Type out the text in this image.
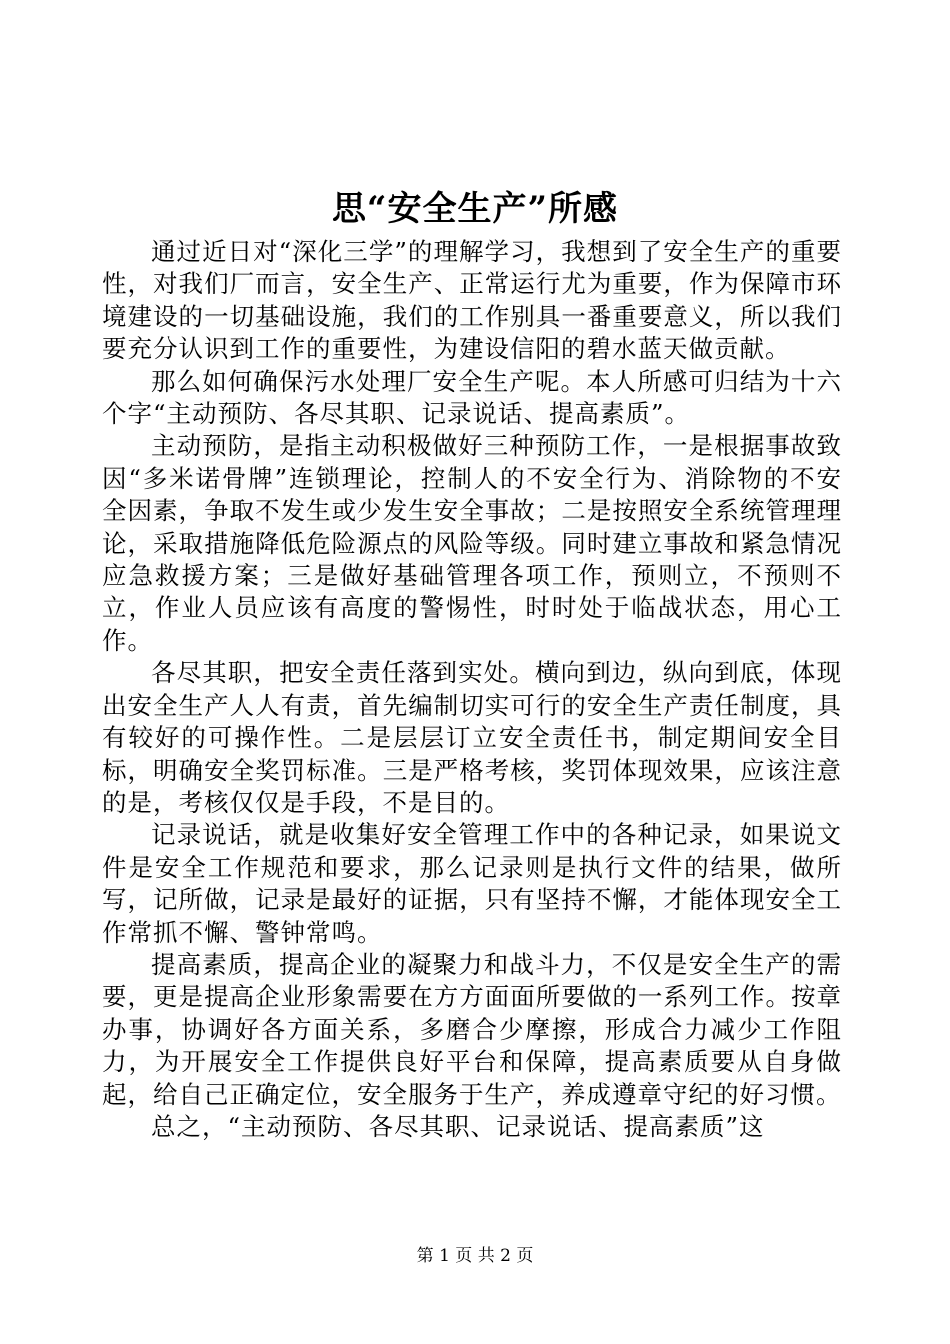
思“安全生产”所感

通过近日对“深化三学”的理解学习，我想到了安全生产的重要性，对我们厂而言，安全生产、正常运行尤为重要，作为保障市环境建设的一切基础设施，我们的工作别具一番重要意义，所以我们要充分认识到工作的重要性，为建设信阳的碧水蓝天做贡献。

那么如何确保污水处理厂安全生产呢。本人所感可归结为十六个字“主动预防、各尽其职、记录说话、提高素质”。

主动预防，是指主动积极做好三种预防工作，一是根据事故致因“多米诺骨牌”连锁理论，控制人的不安全行为、消除物的不安全因素，争取不发生或少发生安全事故；二是按照安全系统管理理论，采取措施降低危险源点的风险等级。同时建立事故和紧急情况应急救援方案；三是做好基础管理各项工作，预则立，不预则不立，作业人员应该有高度的警惕性，时时处于临战状态，用心工作。

各尽其职，把安全责任落到实处。横向到边，纵向到底，体现出安全生产人人有责，首先编制切实可行的安全生产责任制度，具有较好的可操作性。二是层层订立安全责任书，制定期间安全目标，明确安全奖罚标准。三是严格考核，奖罚体现效果，应该注意的是，考核仅仅是手段，不是目的。

记录说话，就是收集好安全管理工作中的各种记录，如果说文件是安全工作规范和要求，那么记录则是执行文件的结果，做所写，记所做，记录是最好的证据，只有坚持不懈，才能体现安全工作常抓不懈、警钟常鸣。

提高素质，提高企业的凝聚力和战斗力，不仅是安全生产的需要，更是提高企业形象需要在方方面面所要做的一系列工作。按章办事，协调好各方面关系，多磨合少摩擦，形成合力减少工作阻力，为开展安全工作提供良好平台和保障，提高素质要从自身做起，给自己正确定位，安全服务于生产，养成遵章守纪的好习惯。

总之，“主动预防、各尽其职、记录说话、提高素质”这

第 1 页 共 2 页
